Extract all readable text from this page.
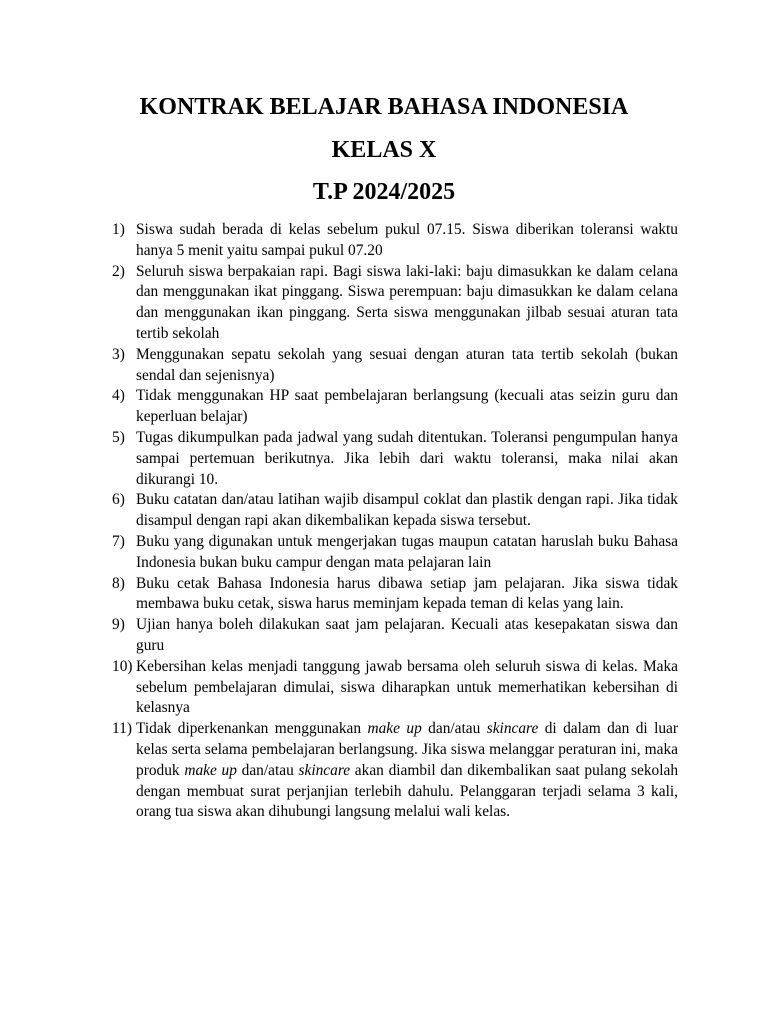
KONTRAK BELAJAR BAHASA INDONESIA
KELAS X
T.P 2024/2025
1) Siswa sudah berada di kelas sebelum pukul 07.15. Siswa diberikan toleransi waktu hanya 5 menit yaitu sampai pukul 07.20
2) Seluruh siswa berpakaian rapi. Bagi siswa laki-laki: baju dimasukkan ke dalam celana dan menggunakan ikat pinggang. Siswa perempuan: baju dimasukkan ke dalam celana dan menggunakan ikan pinggang. Serta siswa menggunakan jilbab sesuai aturan tata tertib sekolah
3) Menggunakan sepatu sekolah yang sesuai dengan aturan tata tertib sekolah (bukan sendal dan sejenisnya)
4) Tidak menggunakan HP saat pembelajaran berlangsung (kecuali atas seizin guru dan keperluan belajar)
5) Tugas dikumpulkan pada jadwal yang sudah ditentukan. Toleransi pengumpulan hanya sampai pertemuan berikutnya. Jika lebih dari waktu toleransi, maka nilai akan dikurangi 10.
6) Buku catatan dan/atau latihan wajib disampul coklat dan plastik dengan rapi. Jika tidak disampul dengan rapi akan dikembalikan kepada siswa tersebut.
7) Buku yang digunakan untuk mengerjakan tugas maupun catatan haruslah buku Bahasa Indonesia bukan buku campur dengan mata pelajaran lain
8) Buku cetak Bahasa Indonesia harus dibawa setiap jam pelajaran. Jika siswa tidak membawa buku cetak, siswa harus meminjam kepada teman di kelas yang lain.
9) Ujian hanya boleh dilakukan saat jam pelajaran. Kecuali atas kesepakatan siswa dan guru
10) Kebersihan kelas menjadi tanggung jawab bersama oleh seluruh siswa di kelas. Maka sebelum pembelajaran dimulai, siswa diharapkan untuk memerhatikan kebersihan di kelasnya
11) Tidak diperkenankan menggunakan make up dan/atau skincare di dalam dan di luar kelas serta selama pembelajaran berlangsung. Jika siswa melanggar peraturan ini, maka produk make up dan/atau skincare akan diambil dan dikembalikan saat pulang sekolah dengan membuat surat perjanjian terlebih dahulu. Pelanggaran terjadi selama 3 kali, orang tua siswa akan dihubungi langsung melalui wali kelas.
